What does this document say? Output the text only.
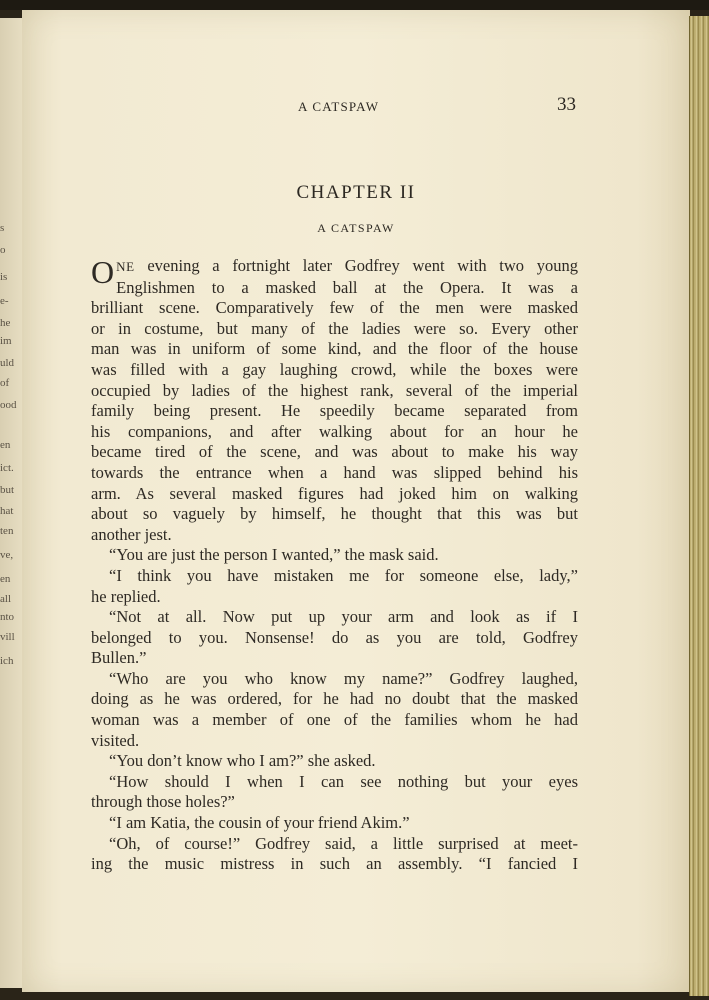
s
o
is
e-
he
im
uld
of
ood
en
ict.
but
hat
ten
ve,
en
all
nto
vill
ich
A CATSPAW	33
CHAPTER II
A CATSPAW
ONE evening a fortnight later Godfrey went with two young
Englishmen to a masked ball at the Opera. It was a
brilliant scene. Comparatively few of the men were masked
or in costume, but many of the ladies were so. Every other
man was in uniform of some kind, and the floor of the house
was filled with a gay laughing crowd, while the boxes were
occupied by ladies of the highest rank, several of the imperial
family being present. He speedily became separated from
his companions, and after walking about for an hour he
became tired of the scene, and was about to make his way
towards the entrance when a hand was slipped behind his
arm. As several masked figures had joked him on walking
about so vaguely by himself, he thought that this was but
another jest.
“You are just the person I wanted,” the mask said.
“I think you have mistaken me for someone else, lady,”
he replied.
“Not at all. Now put up your arm and look as if I
belonged to you. Nonsense! do as you are told, Godfrey
Bullen.”
“Who are you who know my name?” Godfrey laughed,
doing as he was ordered, for he had no doubt that the masked
woman was a member of one of the families whom he had
visited.
“You don’t know who I am?” she asked.
“How should I when I can see nothing but your eyes
through those holes?”
“I am Katia, the cousin of your friend Akim.”
“Oh, of course!” Godfrey said, a little surprised at meet-
ing the music mistress in such an assembly. “I fancied I
